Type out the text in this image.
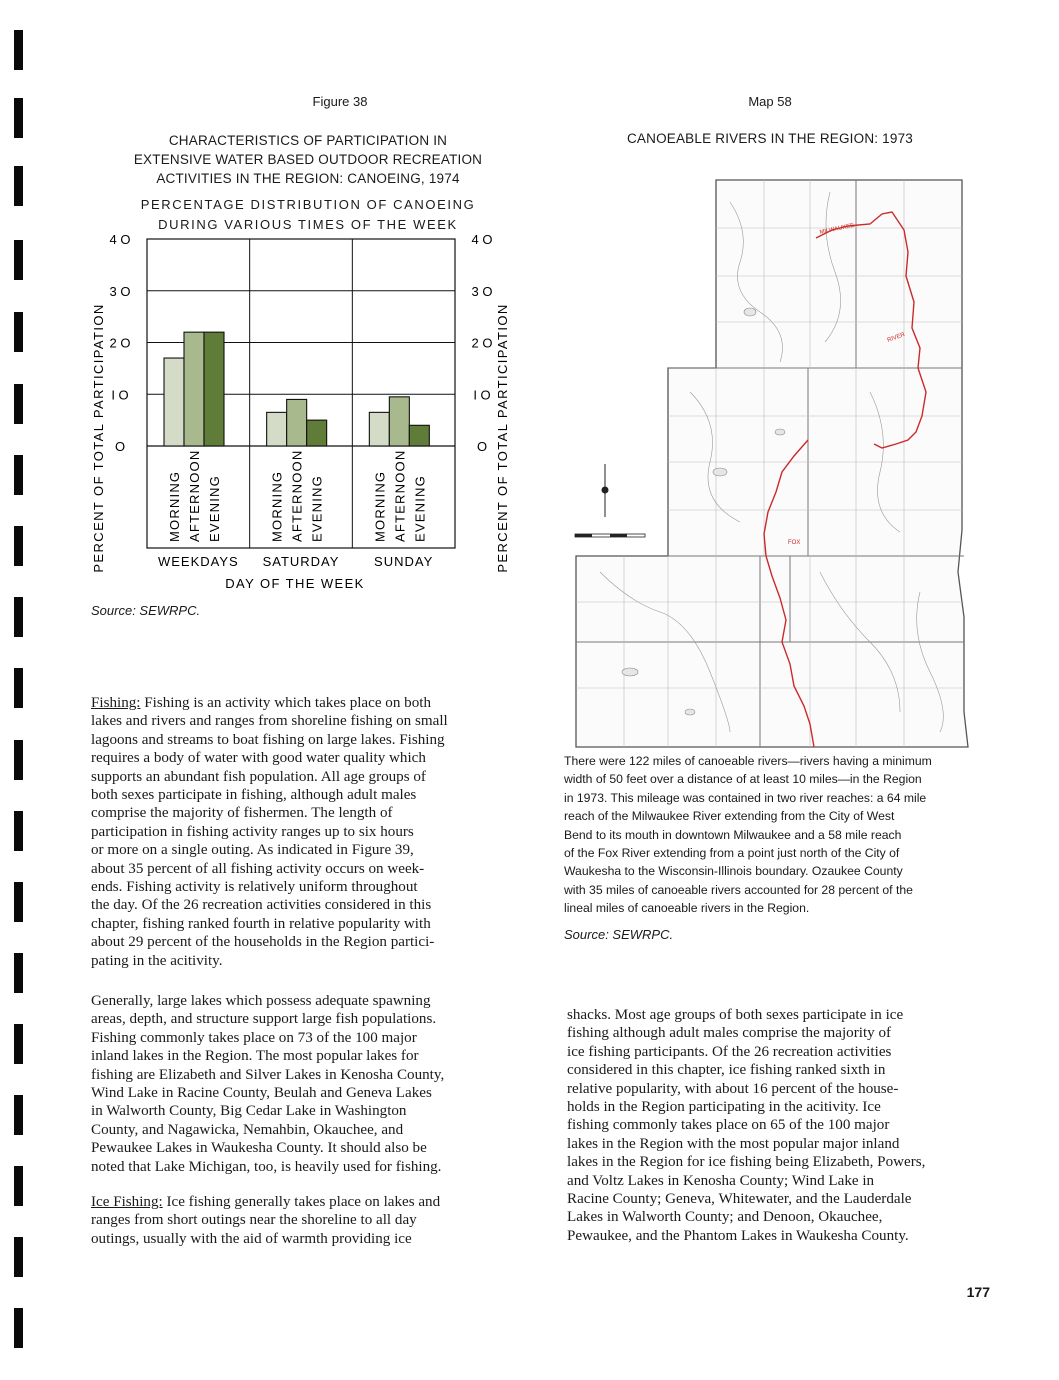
Figure 38
CHARACTERISTICS OF PARTICIPATION IN
EXTENSIVE WATER BASED OUTDOOR RECREATION
ACTIVITIES IN THE REGION: CANOEING, 1974
PERCENTAGE DISTRIBUTION OF CANOEING
DURING VARIOUS TIMES OF THE WEEK
O	O
I O	I O
2 O	2 O
3 O	3 O
4 O	4 O
MORNING AFTERNOON EVENING
WEEKDAYS
MORNING AFTERNOON EVENING
SATURDAY
MORNING AFTERNOON EVENING
SUNDAY
PERCENT OF TOTAL PARTICIPATION	PERCENT OF TOTAL PARTICIPATION
DAY OF THE WEEK
Source: SEWRPC.
Map 58
CANOEABLE RIVERS IN THE REGION: 1973
MILWAUKEE
RIVER
FOX
There were 122 miles of canoeable rivers—rivers having a minimum
width of 50 feet over a distance of at least 10 miles—in the Region
in 1973. This mileage was contained in two river reaches: a 64 mile
reach of the Milwaukee River extending from the City of West
Bend to its mouth in downtown Milwaukee and a 58 mile reach
of the Fox River extending from a point just north of the City of
Waukesha to the Wisconsin-Illinois boundary. Ozaukee County
with 35 miles of canoeable rivers accounted for 28 percent of the
lineal miles of canoeable rivers in the Region.
Source: SEWRPC.
Fishing: Fishing is an activity which takes place on both
lakes and rivers and ranges from shoreline fishing on small
lagoons and streams to boat fishing on large lakes. Fishing
requires a body of water with good water quality which
supports an abundant fish population. All age groups of
both sexes participate in fishing, although adult males
comprise the majority of fishermen. The length of
participation in fishing activity ranges up to six hours
or more on a single outing. As indicated in Figure 39,
about 35 percent of all fishing activity occurs on week-
ends. Fishing activity is relatively uniform throughout
the day. Of the 26 recreation activities considered in this
chapter, fishing ranked fourth in relative popularity with
about 29 percent of the households in the Region partici-
pating in the acitivity.
Generally, large lakes which possess adequate spawning
areas, depth, and structure support large fish populations.
Fishing commonly takes place on 73 of the 100 major
inland lakes in the Region. The most popular lakes for
fishing are Elizabeth and Silver Lakes in Kenosha County,
Wind Lake in Racine County, Beulah and Geneva Lakes
in Walworth County, Big Cedar Lake in Washington
County, and Nagawicka, Nemahbin, Okauchee, and
Pewaukee Lakes in Waukesha County. It should also be
noted that Lake Michigan, too, is heavily used for fishing.
Ice Fishing: Ice fishing generally takes place on lakes and
ranges from short outings near the shoreline to all day
outings, usually with the aid of warmth providing ice
shacks. Most age groups of both sexes participate in ice
fishing although adult males comprise the majority of
ice fishing participants. Of the 26 recreation activities
considered in this chapter, ice fishing ranked sixth in
relative popularity, with about 16 percent of the house-
holds in the Region participating in the acitivity. Ice
fishing commonly takes place on 65 of the 100 major
lakes in the Region with the most popular major inland
lakes in the Region for ice fishing being Elizabeth, Powers,
and Voltz Lakes in Kenosha County; Wind Lake in
Racine County; Geneva, Whitewater, and the Lauderdale
Lakes in Walworth County; and Denoon, Okauchee,
Pewaukee, and the Phantom Lakes in Waukesha County.
177
